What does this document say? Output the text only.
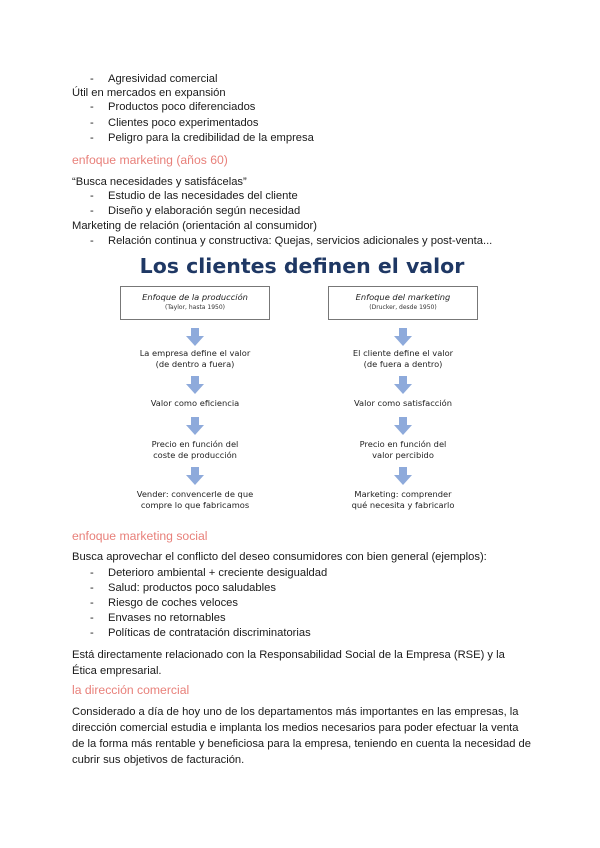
- Agresividad comercial
Útil en mercados en expansión
- Productos poco diferenciados
- Clientes poco experimentados
- Peligro para la credibilidad de la empresa
enfoque marketing (años 60)
“Busca necesidades y satisfácelas”
- Estudio de las necesidades del cliente
- Diseño y elaboración según necesidad
Marketing de relación (orientación al consumidor)
- Relación continua y constructiva: Quejas, servicios adicionales y post-venta...
Los clientes definen el valor
Enfoque de la producción
(Taylor, hasta 1950)
La empresa define el valor
(de dentro a fuera)
Valor como eficiencia
Precio en función del
coste de producción
Vender: convencerle de que
compre lo que fabricamos
Enfoque del marketing
(Drucker, desde 1950)
El cliente define el valor
(de fuera a dentro)
Valor como satisfacción
Precio en función del
valor percibido
Marketing: comprender
qué necesita y fabricarlo
enfoque marketing social
Busca aprovechar el conflicto del deseo consumidores con bien general (ejemplos):
- Deterioro ambiental + creciente desigualdad
- Salud: productos poco saludables
- Riesgo de coches veloces
- Envases no retornables
- Políticas de contratación discriminatorias
Está directamente relacionado con la Responsabilidad Social de la Empresa (RSE) y la
Ética empresarial.
la dirección comercial
Considerado a día de hoy uno de los departamentos más importantes en las empresas, la
dirección comercial estudia e implanta los medios necesarios para poder efectuar la venta
de la forma más rentable y beneficiosa para la empresa, teniendo en cuenta la necesidad de
cubrir sus objetivos de facturación.
